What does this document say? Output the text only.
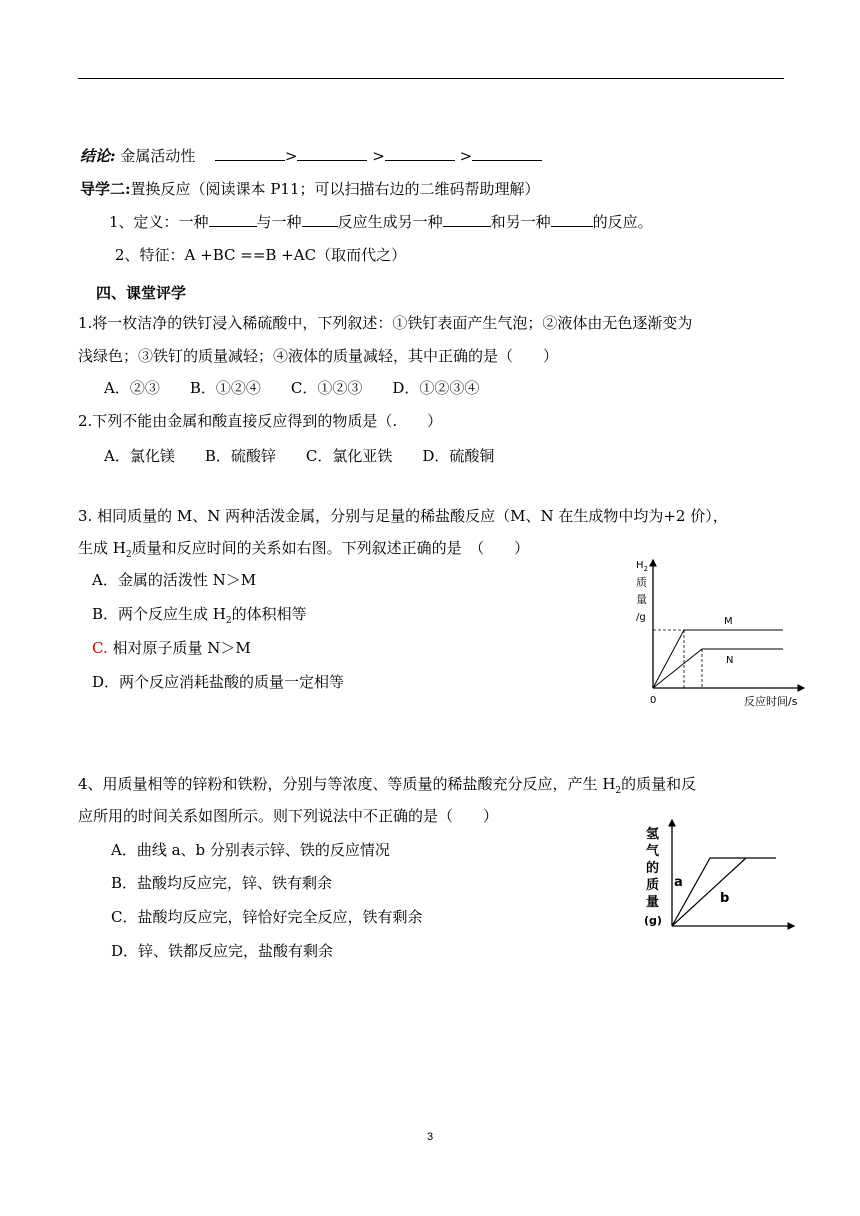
结论: 金属活动性	>	>	>
导学二:置换反应（阅读课本 P11；可以扫描右边的二维码帮助理解）
1、定义：一种	与一种 反应生成另一种	和另一种	的反应。
2、特征：A +BC ==B +AC（取而代之）
四、课堂评学
1.将一枚洁净的铁钉浸入稀硫酸中，下列叙述：①铁钉表面产生气泡；②液体由无色逐渐变为
浅绿色；③铁钉的质量减轻；④液体的质量减轻，其中正确的是（　　）
A．②③　　B．①②④　　C．①②③　　D．①②③④
2.下列不能由金属和酸直接反应得到的物质是（.　　）
A．氯化镁　　B．硫酸锌　　C．氯化亚铁　　D．硫酸铜
3. 相同质量的 M、N 两种活泼金属，分别与足量的稀盐酸反应（M、N 在生成物中均为+2 价），
生成 $H_2$质量和反应时间的关系如右图。下列叙述正确的是　（　　）
A．金属的活泼性 N＞M
B．两个反应生成 $H_2$的体积相等
C. 相对原子质量 N＞M
D．两个反应消耗盐酸的质量一定相等
$H_2$
质
量
/g
0	反应时间/s
M
N
4、用质量相等的锌粉和铁粉，分别与等浓度、等质量的稀盐酸充分反应，产生 $H_2$的质量和反
应所用的时间关系如图所示。则下列说法中不正确的是（　　）
A．曲线 a、b 分别表示锌、铁的反应情况
B．盐酸均反应完，锌、铁有剩余
C．盐酸均反应完，锌恰好完全反应，铁有剩余
D．锌、铁都反应完，盐酸有剩余
氢
气
的
质
量
(g)
a
b
3
